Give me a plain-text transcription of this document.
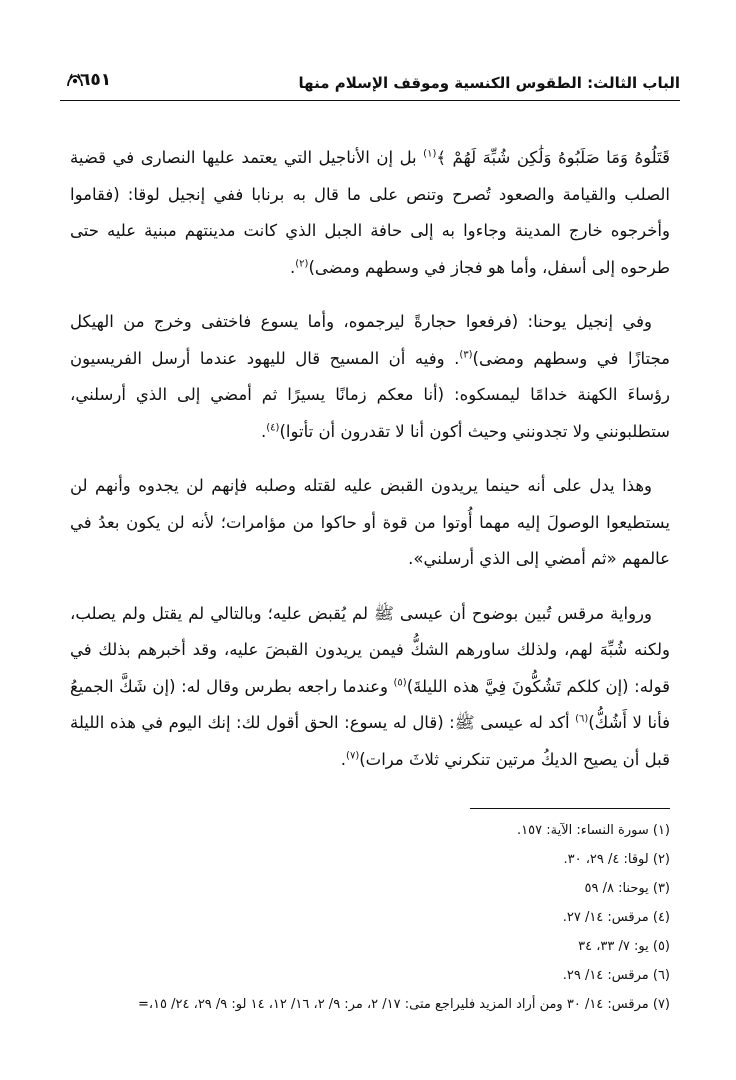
الباب الثالث: الطقوس الكنسية وموقف الإسلام منها
٦٥١

قَتَلُوهُ وَمَا صَلَبُوهُ وَلَٰكِن شُبِّهَ لَهُمْ ﴾$^{(١)}$ بل إن الأناجيل التي يعتمد عليها النصارى في قضية الصلب والقيامة والصعود تُصرح وتنص على ما قال به برنابا ففي إنجيل لوقا: (فقاموا وأخرجوه خارج المدينة وجاءوا به إلى حافة الجبل الذي كانت مدينتهم مبنية عليه حتى طرحوه إلى أسفل، وأما هو فجاز في وسطهم ومضى)$^{(٢)}$.

وفي إنجيل يوحنا: (فرفعوا حجارةً ليرجموه، وأما يسوع فاختفى وخرج من الهيكل مجتازًا في وسطهم ومضى)$^{(٣)}$. وفيه أن المسيح قال لليهود عندما أرسل الفريسيون رؤساءَ الكهنة خدامًا ليمسكوه: (أنا معكم زمانًا يسيرًا ثم أمضي إلى الذي أرسلني، ستطلبونني ولا تجدونني وحيث أكون أنا لا تقدرون أن تأتوا)$^{(٤)}$.

وهذا يدل على أنه حينما يريدون القبض عليه لقتله وصلبه فإنهم لن يجدوه وأنهم لن يستطيعوا الوصولَ إليه مهما أُوتوا من قوة أو حاكوا من مؤامرات؛ لأنه لن يكون بعدُ في عالمهم «ثم أمضي إلى الذي أرسلني».

ورواية مرقس تُبين بوضوح أن عيسى ﷺ لم يُقبض عليه؛ وبالتالي لم يقتل ولم يصلب، ولكنه شُبِّهَ لهم، ولذلك ساورهم الشكُّ فيمن يريدون القبضَ عليه، وقد أخبرهم بذلك في قوله: (إن كلكم تَشُكُّونَ فِيَّ هذه الليلةَ)$^{(٥)}$ وعندما راجعه بطرس وقال له: (إن شَكَّ الجميعُ فأنا لا أَشُكُّ)$^{(٦)}$ أكد له عيسى ﷺ: (قال له يسوع: الحق أقول لك: إنك اليوم في هذه الليلة قبل أن يصيح الديكُ مرتين تنكرني ثلاثَ مرات)$^{(٧)}$.

(١) سورة النساء: الآية: ١٥٧.
(٢) لوقا: ٤/ ٢٩، ٣٠.
(٣) يوحنا: ٨/ ٥٩
(٤) مرقس: ١٤/ ٢٧.
(٥) يو: ٧/ ٣٣، ٣٤
(٦) مرقس: ١٤/ ٢٩.
(٧) مرقس: ١٤/ ٣٠ ومن أراد المزيد فليراجع متى: ١٧/ ٢، مر: ٩/ ٢، ١٦/ ١٢، ١٤ لو: ٩/ ٢٩، ٢٤/ ١٥،=
